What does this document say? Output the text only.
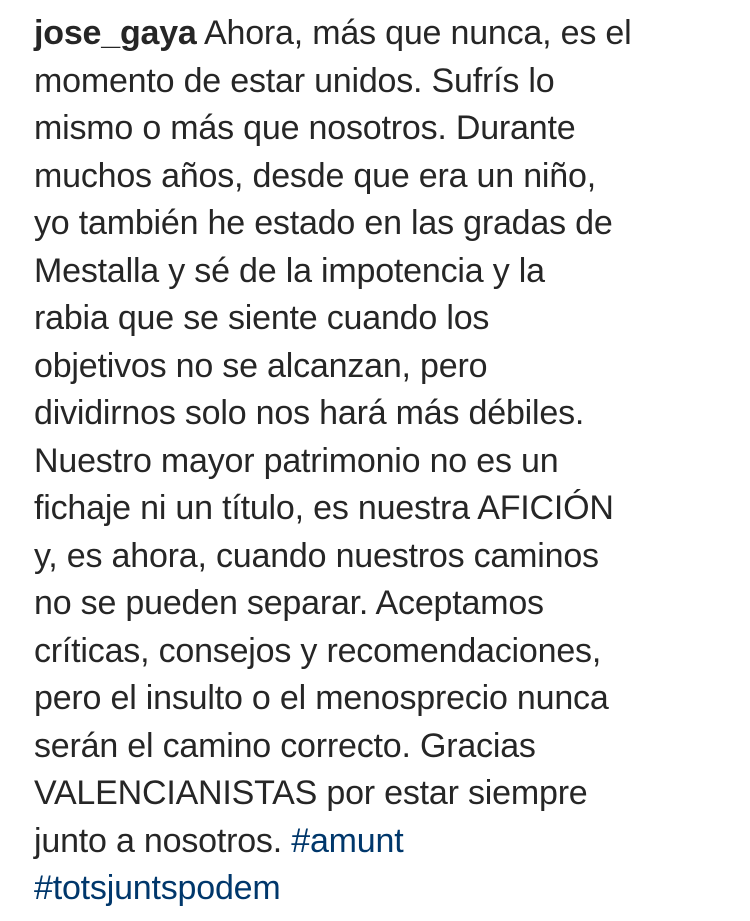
jose_gaya Ahora, más que nunca, es el
momento de estar unidos. Sufrís lo
mismo o más que nosotros. Durante
muchos años, desde que era un niño,
yo también he estado en las gradas de
Mestalla y sé de la impotencia y la
rabia que se siente cuando los
objetivos no se alcanzan, pero
dividirnos solo nos hará más débiles.
Nuestro mayor patrimonio no es un
fichaje ni un título, es nuestra AFICIÓN
y, es ahora, cuando nuestros caminos
no se pueden separar. Aceptamos
críticas, consejos y recomendaciones,
pero el insulto o el menosprecio nunca
serán el camino correcto. Gracias
VALENCIANISTAS por estar siempre
junto a nosotros. #amunt
#totsjuntspodem
